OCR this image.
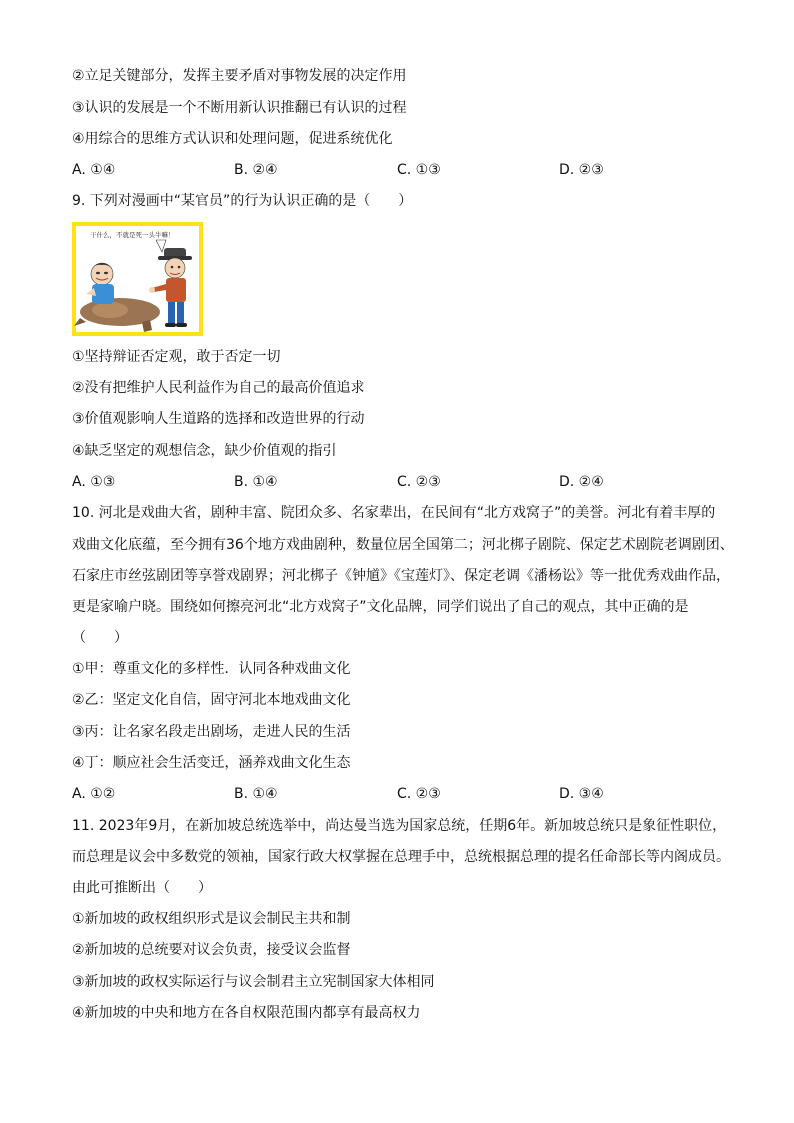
②立足关键部分，发挥主要矛盾对事物发展的决定作用
③认识的发展是一个不断用新认识推翻已有认识的过程
④用综合的思维方式认识和处理问题，促进系统优化
A. ①④	B. ②④	C. ①③	D. ②③
9. 下列对漫画中“某官员”的行为认识正确的是（　　）
干什么，不就是死一头牛嘛！
①坚持辩证否定观，敢于否定一切
②没有把维护人民利益作为自己的最高价值追求
③价值观影响人生道路的选择和改造世界的行动
④缺乏坚定的观想信念，缺少价值观的指引
A. ①③	B. ①④	C. ②③	D. ②④
10. 河北是戏曲大省，剧种丰富、院团众多、名家辈出，在民间有“北方戏窝子”的美誉。河北有着丰厚的
戏曲文化底蕴，至今拥有36个地方戏曲剧种，数量位居全国第二；河北梆子剧院、保定艺术剧院老调剧团、
石家庄市丝弦剧团等享誉戏剧界；河北梆子《钟馗》《宝莲灯》、保定老调《潘杨讼》等一批优秀戏曲作品，
更是家喻户晓。围绕如何擦亮河北“北方戏窝子”文化品牌，同学们说出了自己的观点，其中正确的是
（　　）
①甲：尊重文化的多样性．认同各种戏曲文化
②乙：坚定文化自信，固守河北本地戏曲文化
③丙：让名家名段走出剧场，走进人民的生活
④丁：顺应社会生活变迁，涵养戏曲文化生态
A. ①②	B. ①④	C. ②③	D. ③④
11. 2023年9月，在新加坡总统选举中，尚达曼当选为国家总统，任期6年。新加坡总统只是象征性职位，
而总理是议会中多数党的领袖，国家行政大权掌握在总理手中，总统根据总理的提名任命部长等内阁成员。
由此可推断出（　　）
①新加坡的政权组织形式是议会制民主共和制
②新加坡的总统要对议会负责，接受议会监督
③新加坡的政权实际运行与议会制君主立宪制国家大体相同
④新加坡的中央和地方在各自权限范围内都享有最高权力
